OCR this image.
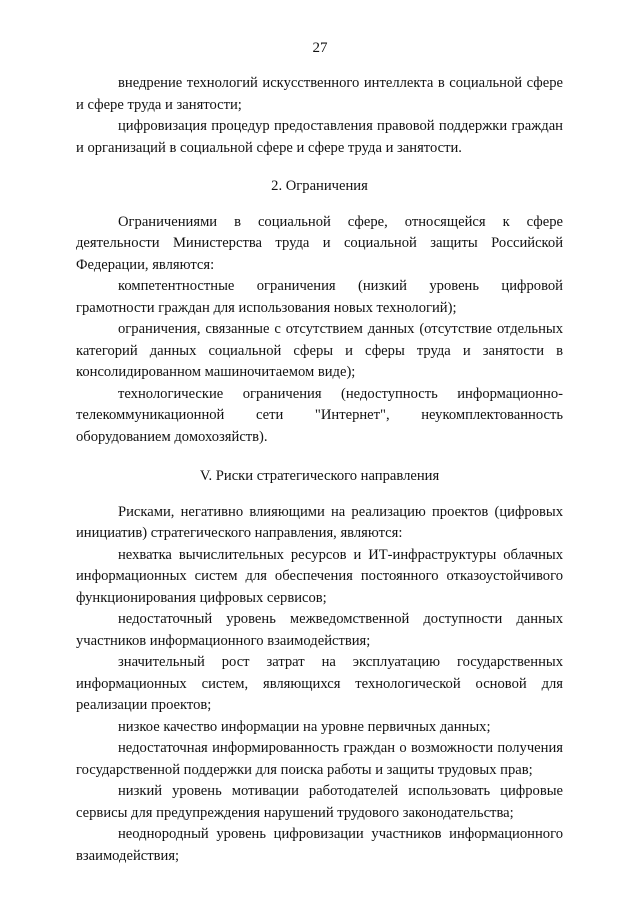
27

внедрение технологий искусственного интеллекта в социальной сфере и сфере труда и занятости;

цифровизация процедур предоставления правовой поддержки граждан и организаций в социальной сфере и сфере труда и занятости.

2. Ограничения

Ограничениями в социальной сфере, относящейся к сфере деятельности Министерства труда и социальной защиты Российской Федерации, являются:

компетентностные ограничения (низкий уровень цифровой грамотности граждан для использования новых технологий);

ограничения, связанные с отсутствием данных (отсутствие отдельных категорий данных социальной сферы и сферы труда и занятости в консолидированном машиночитаемом виде);

технологические ограничения (недоступность информационно-телекоммуникационной сети "Интернет", неукомплектованность оборудованием домохозяйств).

V. Риски стратегического направления

Рисками, негативно влияющими на реализацию проектов (цифровых инициатив) стратегического направления, являются:

нехватка вычислительных ресурсов и ИТ-инфраструктуры облачных информационных систем для обеспечения постоянного отказоустойчивого функционирования цифровых сервисов;

недостаточный уровень межведомственной доступности данных участников информационного взаимодействия;

значительный рост затрат на эксплуатацию государственных информационных систем, являющихся технологической основой для реализации проектов;

низкое качество информации на уровне первичных данных;

недостаточная информированность граждан о возможности получения государственной поддержки для поиска работы и защиты трудовых прав;

низкий уровень мотивации работодателей использовать цифровые сервисы для предупреждения нарушений трудового законодательства;

неоднородный уровень цифровизации участников информационного взаимодействия;
